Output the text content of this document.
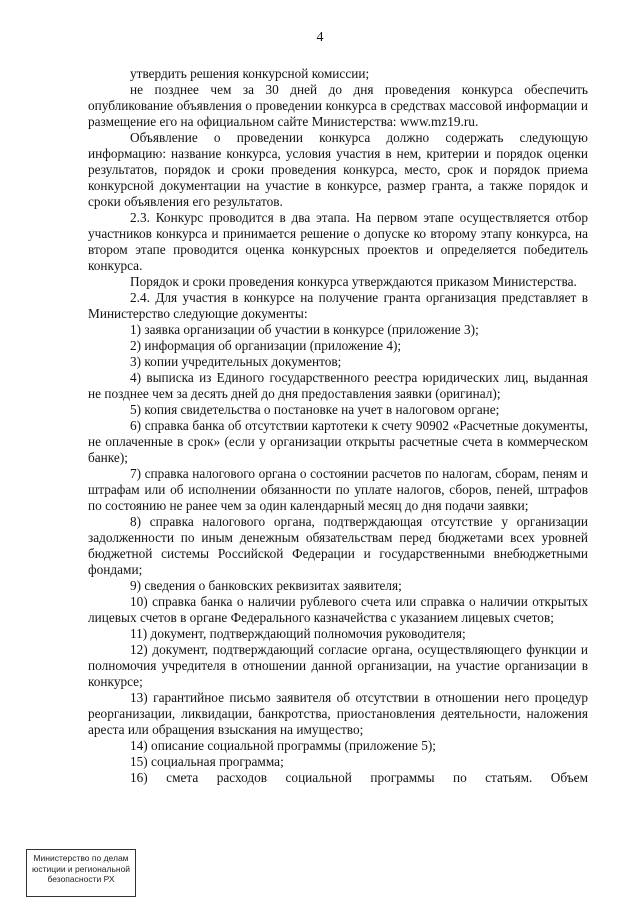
4

утвердить решения конкурсной комиссии;

не позднее чем за 30 дней до дня проведения конкурса обеспечить опубликование объявления о проведении конкурса в средствах массовой информации и размещение его на официальном сайте Министерства: www.mz19.ru.

Объявление о проведении конкурса должно содержать следующую информацию: название конкурса, условия участия в нем, критерии и порядок оценки результатов, порядок и сроки проведения конкурса, место, срок и порядок приема конкурсной документации на участие в конкурсе, размер гранта, а также порядок и сроки объявления его результатов.

2.3. Конкурс проводится в два этапа. На первом этапе осуществляется отбор участников конкурса и принимается решение о допуске ко второму этапу конкурса, на втором этапе проводится оценка конкурсных проектов и определяется победитель конкурса.

Порядок и сроки проведения конкурса утверждаются приказом Министерства.

2.4. Для участия в конкурсе на получение гранта организация представляет в Министерство следующие документы:

1) заявка организации об участии в конкурсе (приложение 3);

2) информация об организации (приложение 4);

3) копии учредительных документов;

4) выписка из Единого государственного реестра юридических лиц, выданная не позднее чем за десять дней до дня предоставления заявки (оригинал);

5) копия свидетельства о постановке на учет в налоговом органе;

6) справка банка об отсутствии картотеки к счету 90902 «Расчетные документы, не оплаченные в срок» (если у организации открыты расчетные счета в коммерческом банке);

7) справка налогового органа о состоянии расчетов по налогам, сборам, пеням и штрафам или об исполнении обязанности по уплате налогов, сборов, пеней, штрафов по состоянию не ранее чем за один календарный месяц до дня подачи заявки;

8) справка налогового органа, подтверждающая отсутствие у организации задолженности по иным денежным обязательствам перед бюджетами всех уровней бюджетной системы Российской Федерации и государственными внебюджетными фондами;

9) сведения о банковских реквизитах заявителя;

10) справка банка о наличии рублевого счета или справка о наличии открытых лицевых счетов в органе Федерального казначейства с указанием лицевых счетов;

11) документ, подтверждающий полномочия руководителя;

12) документ, подтверждающий согласие органа, осуществляющего функции и полномочия учредителя в отношении данной организации, на участие организации в конкурсе;

13) гарантийное письмо заявителя об отсутствии в отношении него процедур реорганизации, ликвидации, банкротства, приостановления деятельности, наложения ареста или обращения взыскания на имущество;

14) описание социальной программы (приложение 5);

15) социальная программа;

16) смета расходов социальной программы по статьям. Объем

Министерство по делам
юстиции и региональной
безопасности РХ
